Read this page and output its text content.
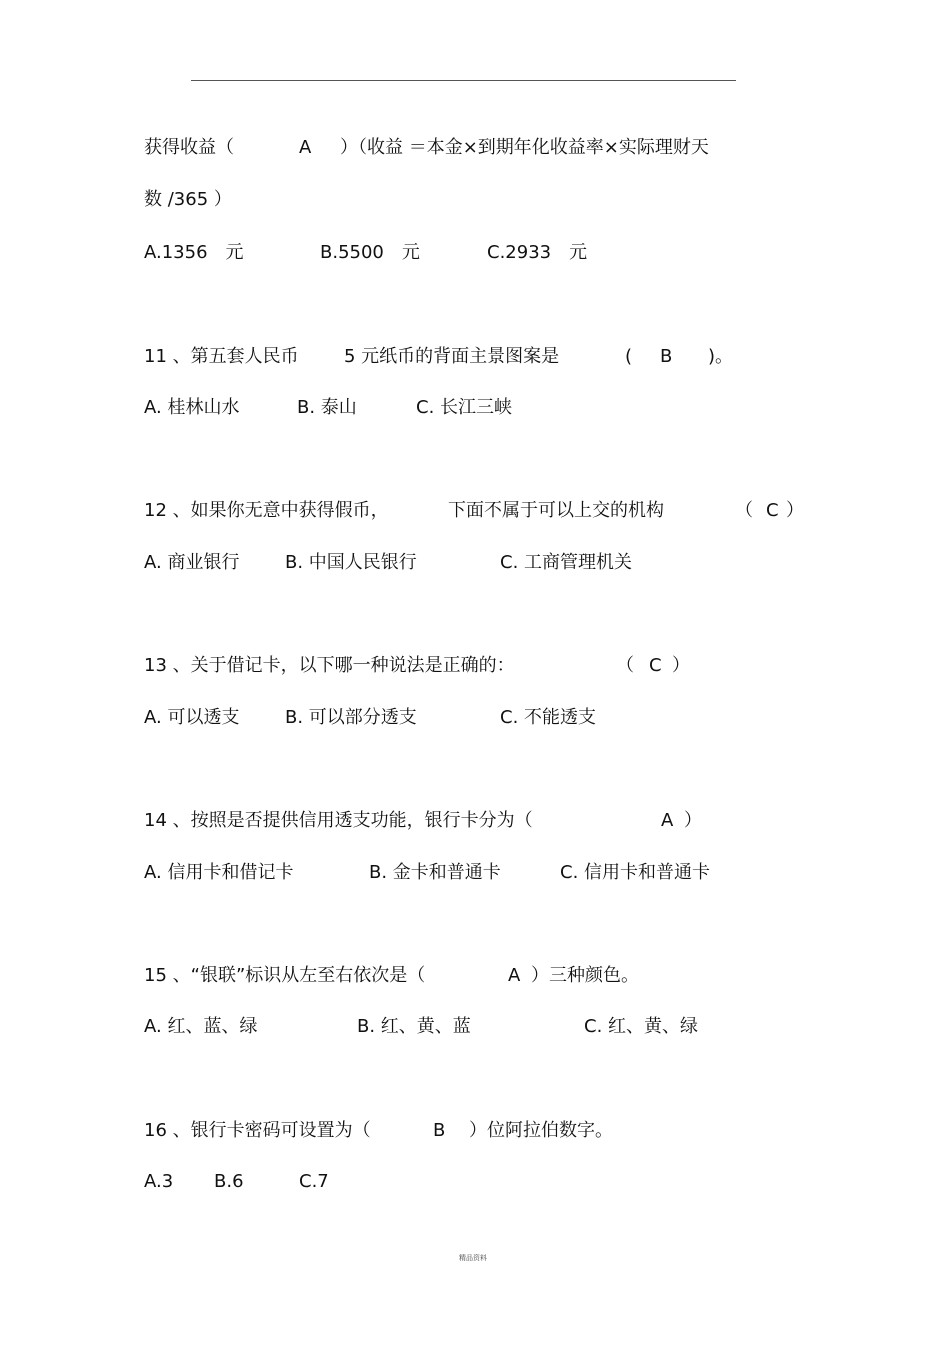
获得收益（	A ）（收益 ＝本金×到期年化收益率×实际理财天
数 /365 ）
A.1356　元	B.5500　元	C.2933　元
11 、第五套人民币	5 元纸币的背面主景图案是	( B )。
A. 桂林山水	B. 泰山	C. 长江三峡
12 、如果你无意中获得假币，	下面不属于可以上交的机构	（ C ）
A. 商业银行	B. 中国人民银行	C. 工商管理机关
13 、关于借记卡，以下哪一种说法是正确的：	（ C ）
A. 可以透支	B. 可以部分透支	C. 不能透支
14 、按照是否提供信用透支功能，银行卡分为（	A ）
A. 信用卡和借记卡	B. 金卡和普通卡	C. 信用卡和普通卡
15 、“银联”标识从左至右依次是（	A ）三种颜色。
A. 红、蓝、绿	B. 红、黄、蓝	C. 红、黄、绿
16 、银行卡密码可设置为（	B ）位阿拉伯数字。
A.3 B.6	C.7
精品资料
